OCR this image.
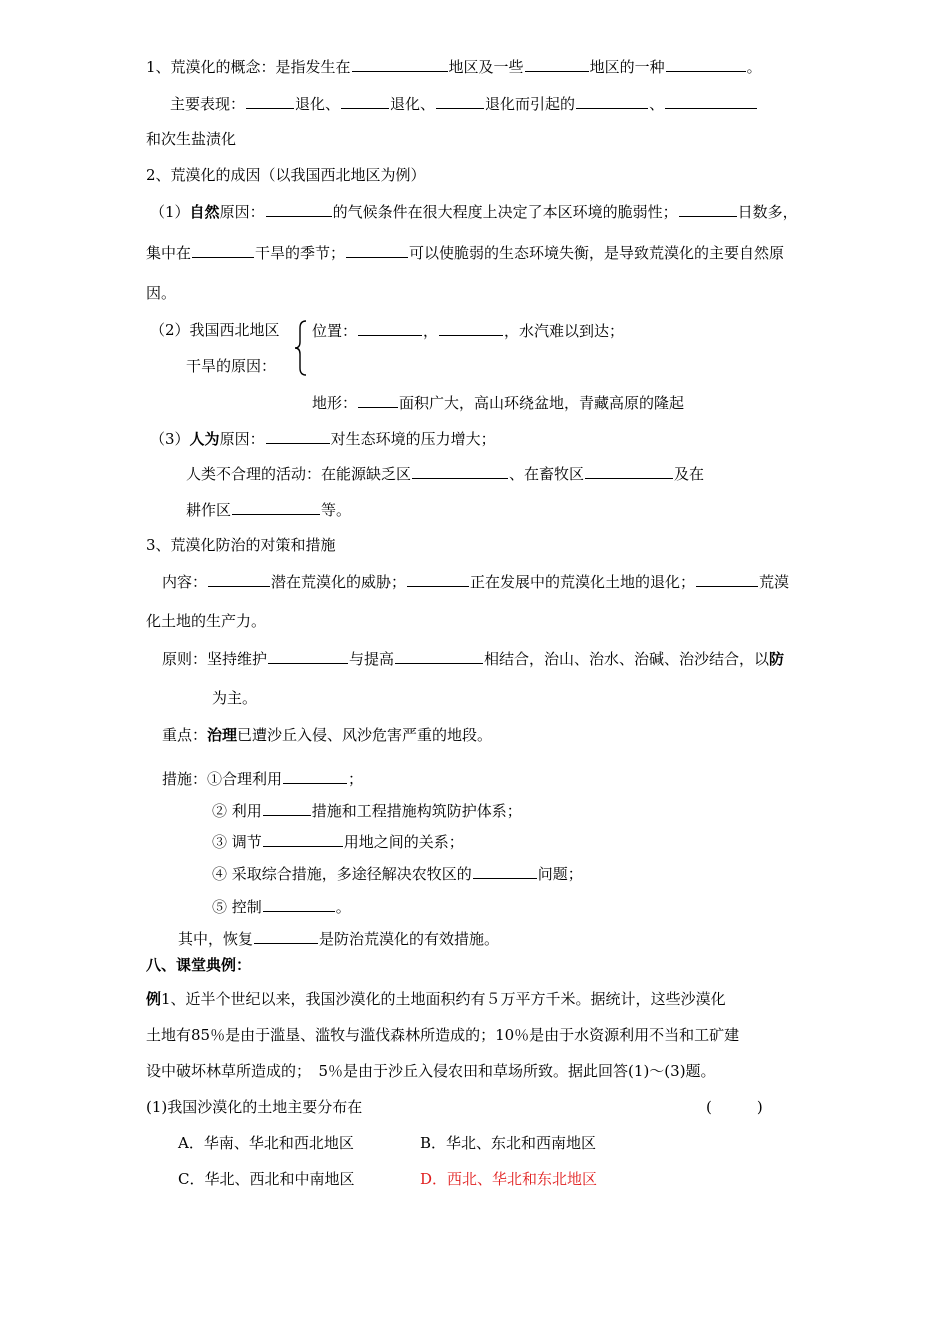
1、荒漠化的概念：是指发生在	地区及一些	地区的一种	。
主要表现：	退化、	退化、	退化而引起的	、
和次生盐渍化
2、荒漠化的成因（以我国西北地区为例）
（1）自然原因：	的气候条件在很大程度上决定了本区环境的脆弱性；	日数多，
集中在	干旱的季节；	可以使脆弱的生态环境失衡，是导致荒漠化的主要自然原
因。
（2）我国西北地区
干旱的原因：
位置：	，	，水汽难以到达；
地形：	面积广大，高山环绕盆地，青藏高原的隆起
（3）人为原因：	对生态环境的压力增大；
人类不合理的活动：在能源缺乏区	、在畜牧区	及在
耕作区	等。
3、荒漠化防治的对策和措施
内容：	潜在荒漠化的威胁；	正在发展中的荒漠化土地的退化；	荒漠
化土地的生产力。
原则：坚持维护	与提高	相结合，治山、治水、治碱、治沙结合，以防
为主。
重点：治理已遭沙丘入侵、风沙危害严重的地段。
措施：①合理利用	；
② 利用	措施和工程措施构筑防护体系；
③ 调节	用地之间的关系；
④ 采取综合措施，多途径解决农牧区的	问题；
⑤ 控制	。
其中，恢复	是防治荒漠化的有效措施。
八、课堂典例：
例1、近半个世纪以来，我国沙漠化的土地面积约有５万平方千米。据统计，这些沙漠化
土地有85％是由于滥垦、滥牧与滥伐森林所造成的；10％是由于水资源利用不当和工矿建
设中破坏林草所造成的；　5％是由于沙丘入侵农田和草场所致。据此回答(1)～(3)题。
(1)我国沙漠化的土地主要分布在	(　　　)
A．华南、华北和西北地区	B．华北、东北和西南地区
C．华北、西北和中南地区	D．西北、华北和东北地区
